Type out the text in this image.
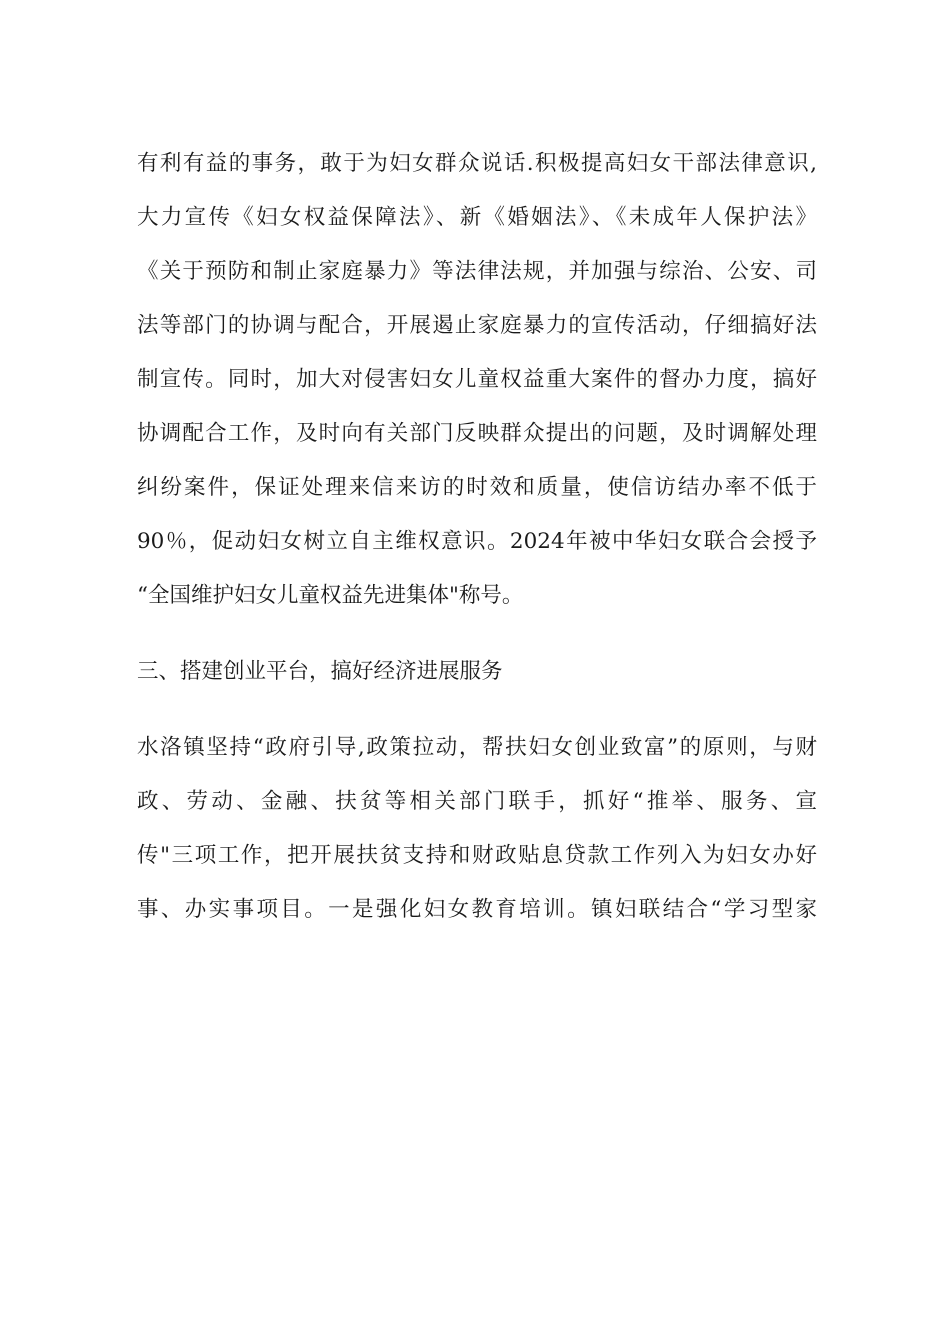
有利有益的事务，敢于为妇女群众说话.积极提高妇女干部法律意识,
大力宣传《妇女权益保障法》、新《婚姻法》、《未成年人保护法》
《关于预防和制止家庭暴力》等法律法规，并加强与综治、公安、司
法等部门的协调与配合，开展遏止家庭暴力的宣传活动，仔细搞好法
制宣传。同时，加大对侵害妇女儿童权益重大案件的督办力度，搞好
协调配合工作，及时向有关部门反映群众提出的问题，及时调解处理
纠纷案件，保证处理来信来访的时效和质量，使信访结办率不低于
90％，促动妇女树立自主维权意识。2024年被中华妇女联合会授予
“全国维护妇女儿童权益先进集体"称号。
三、搭建创业平台，搞好经济进展服务
水洛镇坚持“政府引导,政策拉动，帮扶妇女创业致富”的原则，与财
政、劳动、金融、扶贫等相关部门联手，抓好“推举、服务、宣
传"三项工作，把开展扶贫支持和财政贴息贷款工作列入为妇女办好
事、办实事项目。一是强化妇女教育培训。镇妇联结合“学习型家
